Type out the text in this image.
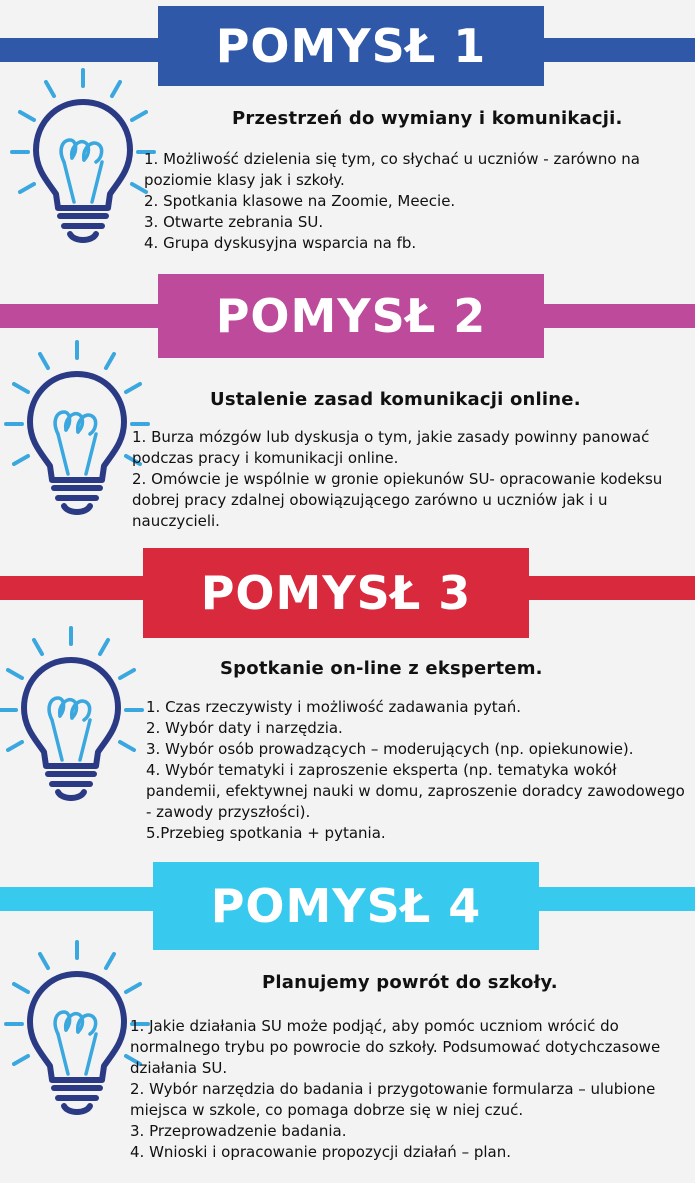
POMYSŁ 1
Przestrzeń do wymiany i komunikacji.
1. Możliwość dzielenia się tym, co słychać u uczniów - zarówno na poziomie klasy jak i szkoły.
2. Spotkania klasowe na Zoomie, Meecie.
3. Otwarte zebrania SU.
4. Grupa dyskusyjna wsparcia na fb.
POMYSŁ 2
Ustalenie zasad komunikacji online.
1. Burza mózgów lub dyskusja o tym, jakie zasady powinny panować podczas pracy i komunikacji online.
2. Omówcie je wspólnie w gronie opiekunów SU- opracowanie kodeksu dobrej pracy zdalnej obowiązującego zarówno u uczniów jak i u nauczycieli.
POMYSŁ 3
Spotkanie on-line z ekspertem.
1. Czas rzeczywisty i możliwość zadawania pytań.
2. Wybór daty i narzędzia.
3. Wybór osób prowadzących – moderujących (np. opiekunowie).
4. Wybór tematyki i zaproszenie eksperta (np. tematyka wokół pandemii, efektywnej nauki w domu, zaproszenie doradcy zawodowego - zawody przyszłości).
5.Przebieg spotkania + pytania.
POMYSŁ 4
Planujemy powrót do szkoły.
1. Jakie działania SU może podjąć, aby pomóc uczniom wrócić do normalnego trybu po powrocie do szkoły. Podsumować dotychczasowe działania SU.
2. Wybór narzędzia do badania i przygotowanie formularza – ulubione miejsca w szkole, co pomaga dobrze się w niej czuć.
3. Przeprowadzenie badania.
4. Wnioski i opracowanie propozycji działań – plan.
